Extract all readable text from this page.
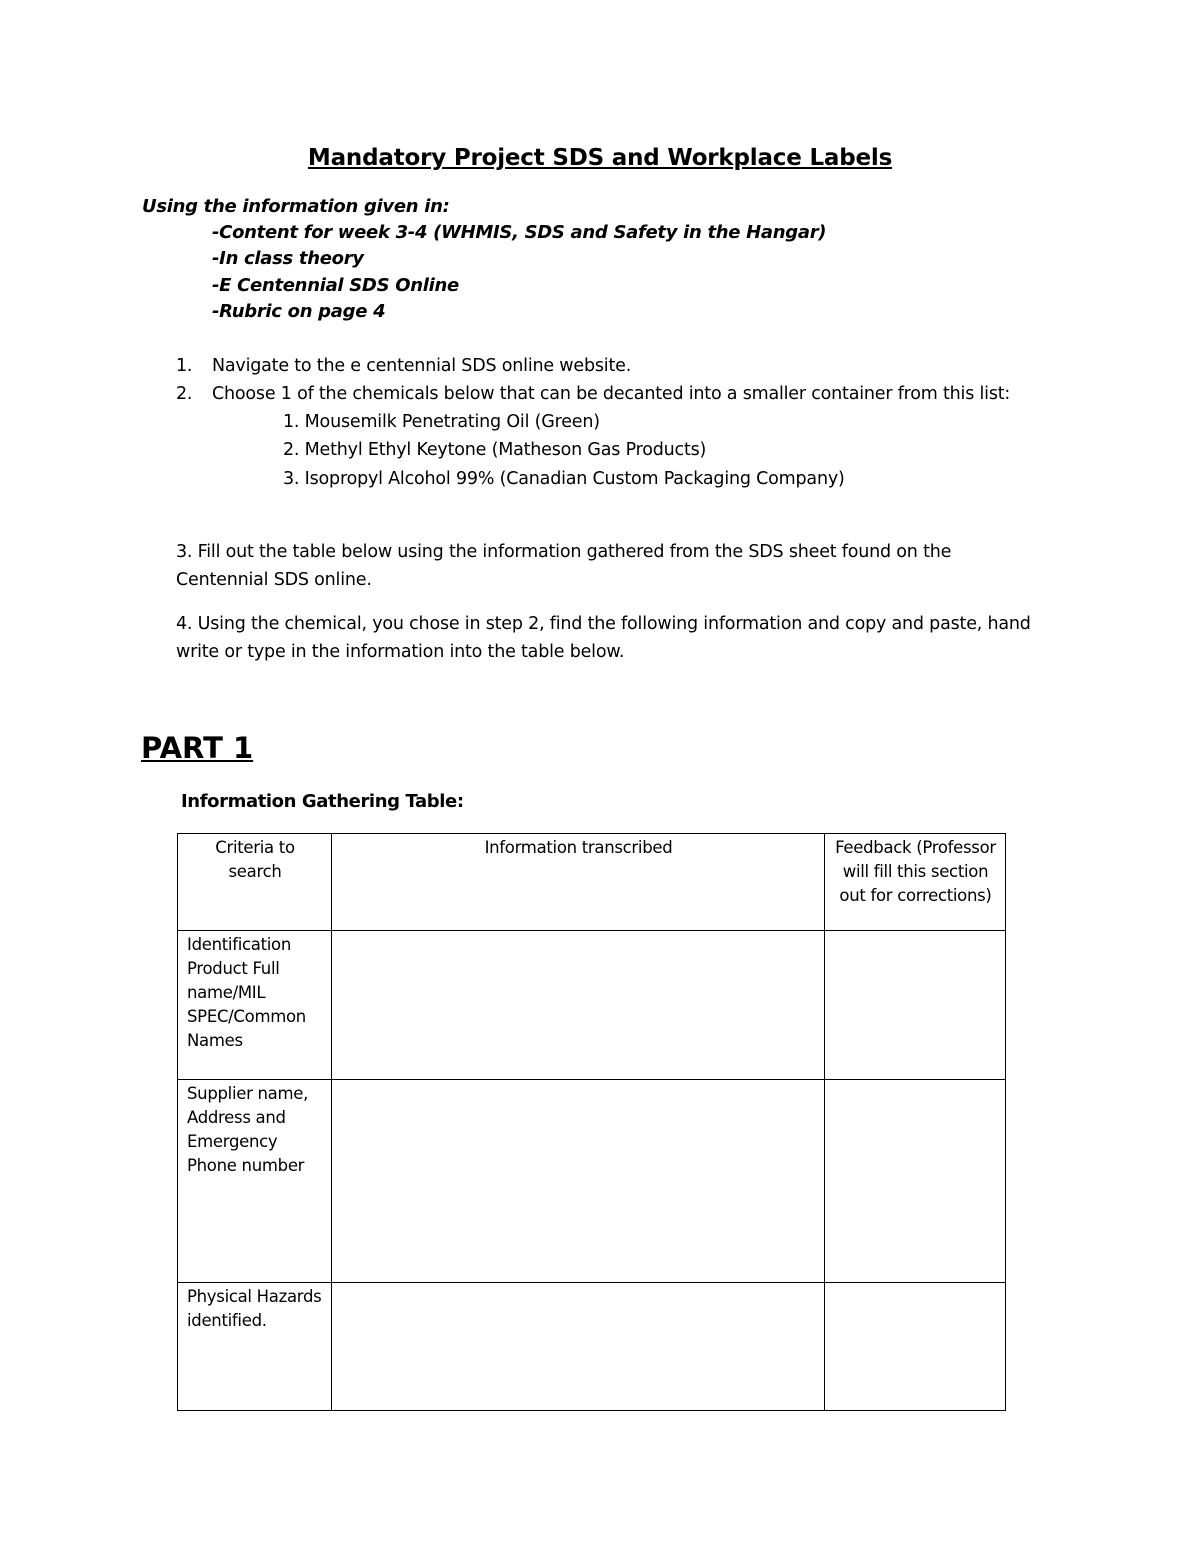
Mandatory Project SDS and Workplace Labels
Using the information given in:
-Content for week 3-4 (WHMIS, SDS and Safety in the Hangar)
-In class theory
-E Centennial SDS Online
-Rubric on page 4
1. Navigate to the e centennial SDS online website.
2. Choose 1 of the chemicals below that can be decanted into a smaller container from this list:
1. Mousemilk Penetrating Oil (Green)
2. Methyl Ethyl Keytone (Matheson Gas Products)
3. Isopropyl Alcohol 99% (Canadian Custom Packaging Company)
3. Fill out the table below using the information gathered from the SDS sheet found on the
Centennial SDS online.
4. Using the chemical, you chose in step 2, find the following information and copy and paste, hand
write or type in the information into the table below.
PART 1
Information Gathering Table:
Criteria to search	Information transcribed	Feedback (Professor will fill this section out for corrections)
Identification Product Full name/MIL SPEC/Common Names		
Supplier name, Address and Emergency Phone number		
Physical Hazards identified.		
